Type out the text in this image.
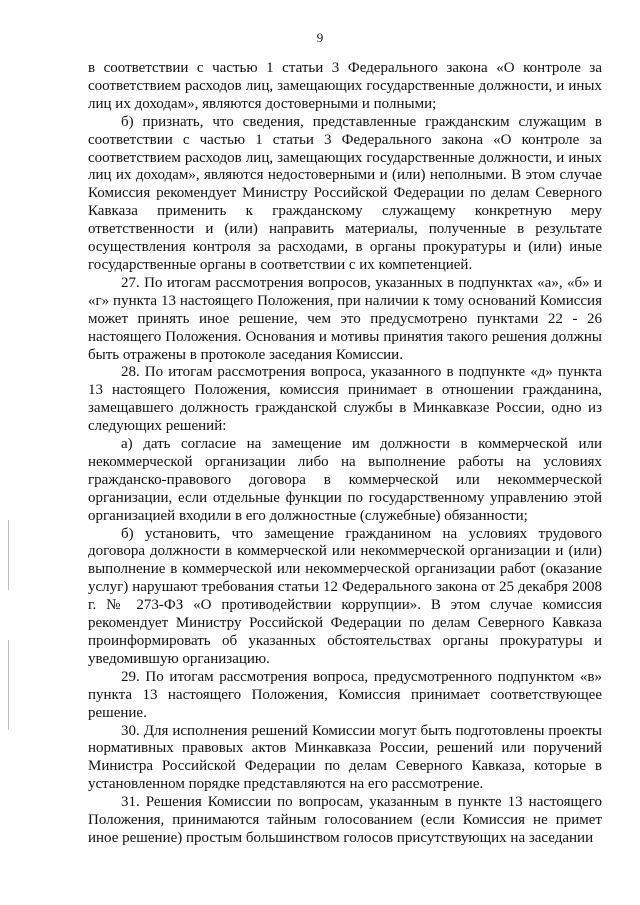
9

в соответствии с частью 1 статьи 3 Федерального закона «О контроле за соответствием расходов лиц, замещающих государственные должности, и иных лиц их доходам», являются достоверными и полными;

б) признать, что сведения, представленные гражданским служащим в соответствии с частью 1 статьи 3 Федерального закона «О контроле за соответствием расходов лиц, замещающих государственные должности, и иных лиц их доходам», являются недостоверными и (или) неполными. В этом случае Комиссия рекомендует Министру Российской Федерации по делам Северного Кавказа применить к гражданскому служащему конкретную меру ответственности и (или) направить материалы, полученные в результате осуществления контроля за расходами, в органы прокуратуры и (или) иные государственные органы в соответствии с их компетенцией.

27. По итогам рассмотрения вопросов, указанных в подпунктах «а», «б» и «г» пункта 13 настоящего Положения, при наличии к тому оснований Комиссия может принять иное решение, чем это предусмотрено пунктами 22 - 26 настоящего Положения. Основания и мотивы принятия такого решения должны быть отражены в протоколе заседания Комиссии.

28. По итогам рассмотрения вопроса, указанного в подпункте «д» пункта 13 настоящего Положения, комиссия принимает в отношении гражданина, замещавшего должность гражданской службы в Минкавказе России, одно из следующих решений:

а) дать согласие на замещение им должности в коммерческой или некоммерческой организации либо на выполнение работы на условиях гражданско-правового договора в коммерческой или некоммерческой организации, если отдельные функции по государственному управлению этой организацией входили в его должностные (служебные) обязанности;

б) установить, что замещение гражданином на условиях трудового договора должности в коммерческой или некоммерческой организации и (или) выполнение в коммерческой или некоммерческой организации работ (оказание услуг) нарушают требования статьи 12 Федерального закона от 25 декабря 2008 г. № 273-ФЗ «О противодействии коррупции». В этом случае комиссия рекомендует Министру Российской Федерации по делам Северного Кавказа проинформировать об указанных обстоятельствах органы прокуратуры и уведомившую организацию.

29. По итогам рассмотрения вопроса, предусмотренного подпунктом «в» пункта 13 настоящего Положения, Комиссия принимает соответствующее решение.

30. Для исполнения решений Комиссии могут быть подготовлены проекты нормативных правовых актов Минкавказа России, решений или поручений Министра Российской Федерации по делам Северного Кавказа, которые в установленном порядке представляются на его рассмотрение.

31. Решения Комиссии по вопросам, указанным в пункте 13 настоящего Положения, принимаются тайным голосованием (если Комиссия не примет иное решение) простым большинством голосов присутствующих на заседании
